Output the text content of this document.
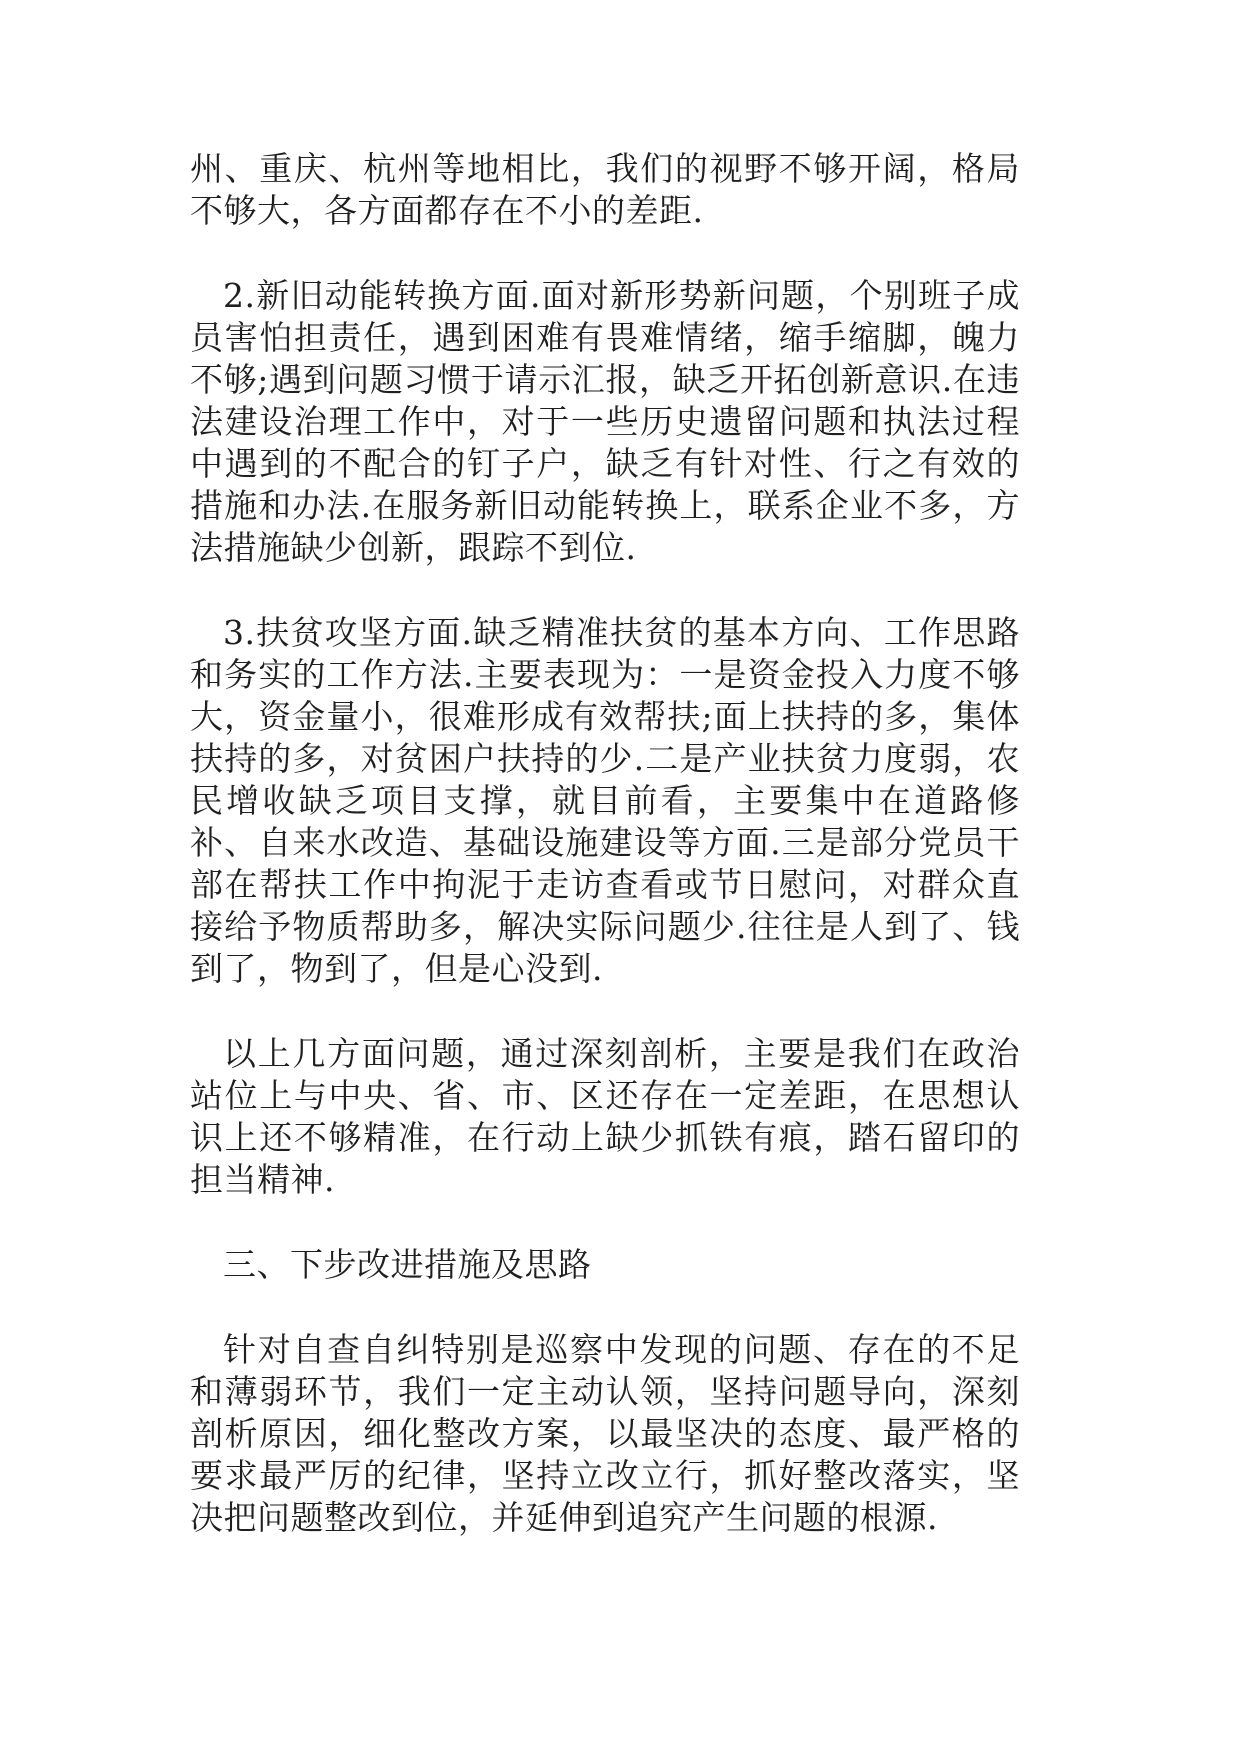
州、重庆、杭州等地相比，我们的视野不够开阔，格局不够大，各方面都存在不小的差距.

2.新旧动能转换方面.面对新形势新问题，个别班子成员害怕担责任，遇到困难有畏难情绪，缩手缩脚，魄力不够;遇到问题习惯于请示汇报，缺乏开拓创新意识.在违法建设治理工作中，对于一些历史遗留问题和执法过程中遇到的不配合的钉子户，缺乏有针对性、行之有效的措施和办法.在服务新旧动能转换上，联系企业不多，方法措施缺少创新，跟踪不到位.

3.扶贫攻坚方面.缺乏精准扶贫的基本方向、工作思路和务实的工作方法.主要表现为：一是资金投入力度不够大，资金量小，很难形成有效帮扶;面上扶持的多，集体扶持的多，对贫困户扶持的少.二是产业扶贫力度弱，农民增收缺乏项目支撑，就目前看，主要集中在道路修补、自来水改造、基础设施建设等方面.三是部分党员干部在帮扶工作中拘泥于走访查看或节日慰问，对群众直接给予物质帮助多，解决实际问题少.往往是人到了、钱到了，物到了，但是心没到.

以上几方面问题，通过深刻剖析，主要是我们在政治站位上与中央、省、市、区还存在一定差距，在思想认识上还不够精准，在行动上缺少抓铁有痕，踏石留印的担当精神.

三、下步改进措施及思路

针对自查自纠特别是巡察中发现的问题、存在的不足和薄弱环节，我们一定主动认领，坚持问题导向，深刻剖析原因，细化整改方案，以最坚决的态度、最严格的要求最严厉的纪律，坚持立改立行，抓好整改落实，坚决把问题整改到位，并延伸到追究产生问题的根源.
